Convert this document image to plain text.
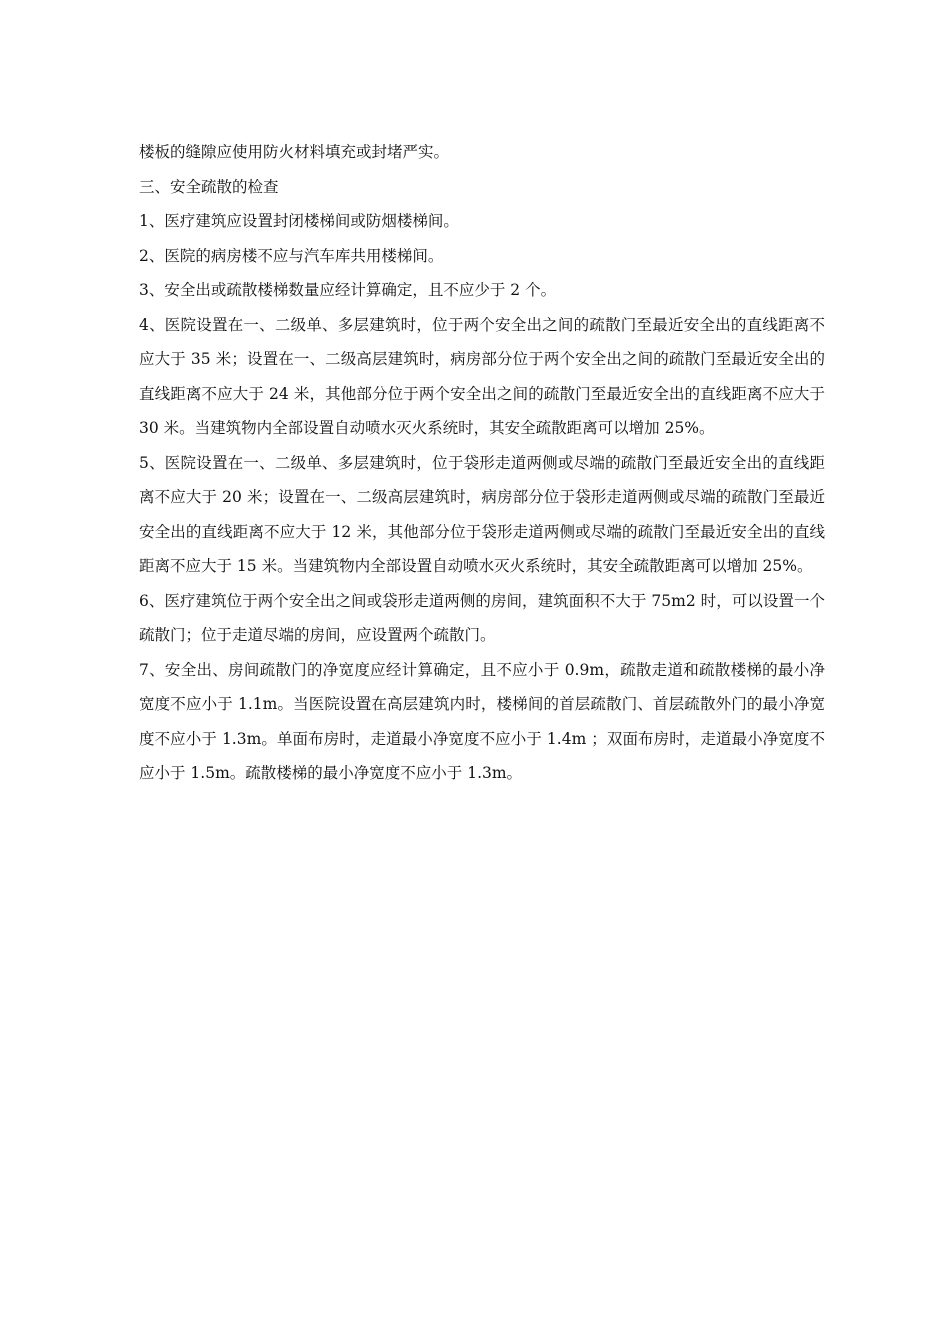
楼板的缝隙应使用防火材料填充或封堵严实。

三、安全疏散的检查

1、医疗建筑应设置封闭楼梯间或防烟楼梯间。

2、医院的病房楼不应与汽车库共用楼梯间。

3、安全出或疏散楼梯数量应经计算确定，且不应少于 2 个。

4、医院设置在一、二级单、多层建筑时，位于两个安全出之间的疏散门至最近安全出的直线距离不应大于 35 米；设置在一、二级高层建筑时，病房部分位于两个安全出之间的疏散门至最近安全出的直线距离不应大于 24 米，其他部分位于两个安全出之间的疏散门至最近安全出的直线距离不应大于 30 米。当建筑物内全部设置自动喷水灭火系统时，其安全疏散距离可以增加 25%。

5、医院设置在一、二级单、多层建筑时，位于袋形走道两侧或尽端的疏散门至最近安全出的直线距离不应大于 20 米；设置在一、二级高层建筑时，病房部分位于袋形走道两侧或尽端的疏散门至最近安全出的直线距离不应大于 12 米，其他部分位于袋形走道两侧或尽端的疏散门至最近安全出的直线距离不应大于 15 米。当建筑物内全部设置自动喷水灭火系统时，其安全疏散距离可以增加 25%。

6、医疗建筑位于两个安全出之间或袋形走道两侧的房间，建筑面积不大于 75m2 时，可以设置一个疏散门；位于走道尽端的房间，应设置两个疏散门。

7、安全出、房间疏散门的净宽度应经计算确定，且不应小于 0.9m，疏散走道和疏散楼梯的最小净宽度不应小于 1.1m。当医院设置在高层建筑内时，楼梯间的首层疏散门、首层疏散外门的最小净宽度不应小于 1.3m。单面布房时，走道最小净宽度不应小于 1.4m ；双面布房时，走道最小净宽度不应小于 1.5m。疏散楼梯的最小净宽度不应小于 1.3m。
